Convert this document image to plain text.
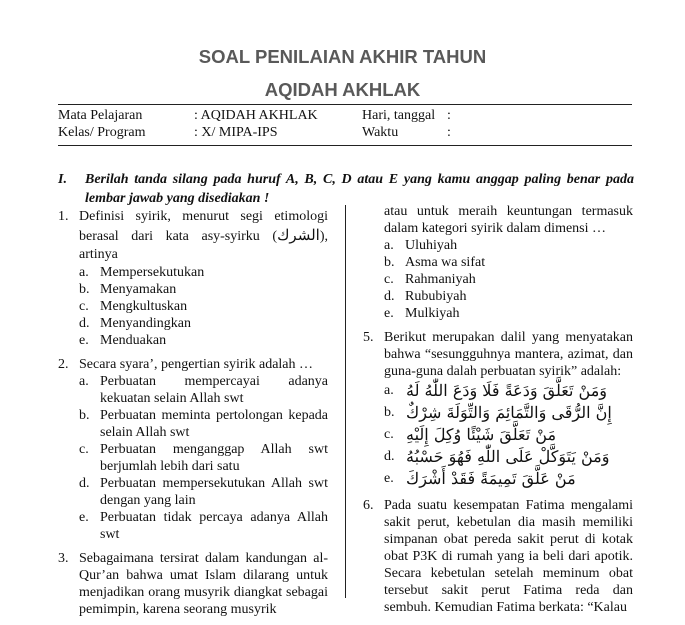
SOAL PENILAIAN AKHIR TAHUN
AQIDAH AKHLAK
Mata Pelajaran	: AQIDAH AKHLAK	Hari, tanggal :
Kelas/ Program	: X/ MIPA-IPS	Waktu	:
I. Berilah tanda silang pada huruf A, B, C, D atau E yang kamu anggap paling benar pada lembar jawab yang disediakan !
1. Definisi syirik, menurut segi etimologi berasal dari kata asy-syirku (الشرك), artinya
a. Mempersekutukan
b. Menyamakan
c. Mengkultuskan
d. Menyandingkan
e. Menduakan
2. Secara syara’, pengertian syirik adalah …
a. Perbuatan mempercayai adanya kekuatan selain Allah swt
b. Perbuatan meminta pertolongan kepada selain Allah swt
c. Perbuatan menganggap Allah swt berjumlah lebih dari satu
d. Perbuatan mempersekutukan Allah swt dengan yang lain
e. Perbuatan tidak percaya adanya Allah swt
3. Sebagaimana tersirat dalam kandungan al-Qur’an bahwa umat Islam dilarang untuk menjadikan orang musyrik diangkat sebagai pemimpin, karena seorang musyrik
atau untuk meraih keuntungan termasuk dalam kategori syirik dalam dimensi …
a. Uluhiyah
b. Asma wa sifat
c. Rahmaniyah
d. Rububiyah
e. Mulkiyah
5. Berikut merupakan dalil yang menyatakan bahwa “sesungguhnya mantera, azimat, dan guna-guna dalah perbuatan syirik” adalah:
a. وَمَنْ تَعَلَّقَ وَدَعَةً فَلَا وَدَعَ اللّٰهُ لَهُ
b. إِنَّ الرُّقَى وَالتَّمَائِمَ وَالتِّوَلَةَ شِرْكٌ
c. مَنْ تَعَلَّقَ شَيْئًا وُكِلَ إِلَيْهِ
d. وَمَنْ يَتَوَكَّلْ عَلَى اللّٰهِ فَهُوَ حَسْبُهُ
e. مَنْ عَلَّقَ تَمِيمَةً فَقَدْ أَشْرَكَ
6. Pada suatu kesempatan Fatima mengalami sakit perut, kebetulan dia masih memiliki simpanan obat pereda sakit perut di kotak obat P3K di rumah yang ia beli dari apotik. Secara kebetulan setelah meminum obat tersebut sakit perut Fatima reda dan sembuh. Kemudian Fatima berkata: “Kalau
